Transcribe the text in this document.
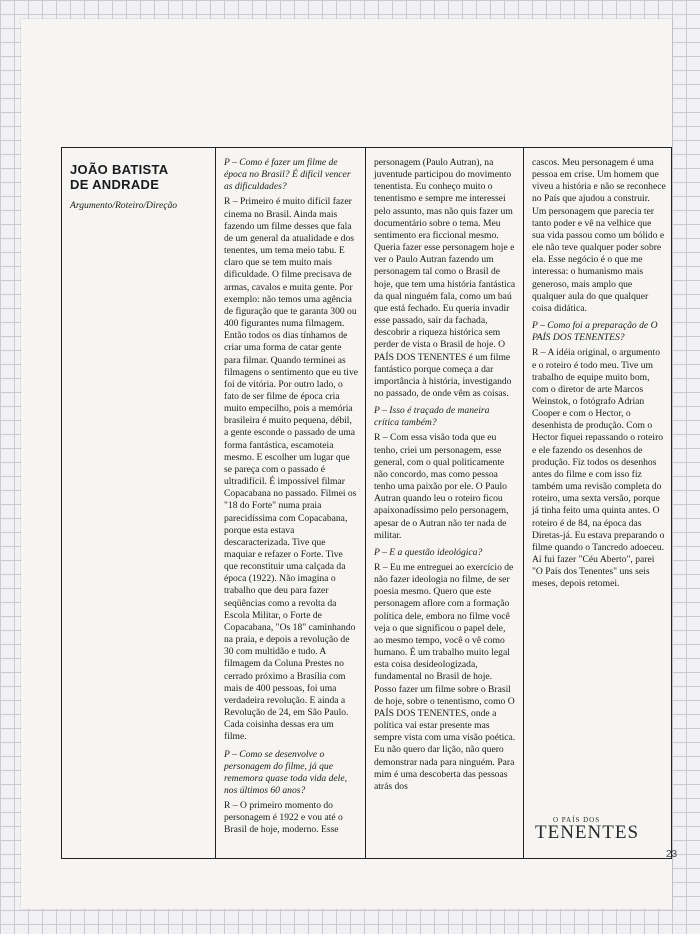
JOÃO BATISTA
DE ANDRADE

Argumento/Roteiro/Direção

P – Como é fazer um filme de época no Brasil? É difícil vencer as dificuldades?

R – Primeiro é muito difícil fazer cinema no Brasil. Ainda mais fazendo um filme desses que fala de um general da atualidade e dos tenentes, um tema meio tabu. E claro que se tem muito mais dificuldade. O filme precisava de armas, cavalos e muita gente. Por exemplo: não temos uma agência de figuração que te garanta 300 ou 400 figurantes numa filmagem. Então todos os dias tínhamos de criar uma forma de catar gente para filmar. Quando terminei as filmagens o sentimento que eu tive foi de vitória. Por outro lado, o fato de ser filme de época cria muito empecilho, pois a memória brasileira é muito pequena, débil, a gente esconde o passado de uma forma fantástica, escamoteia mesmo. E escolher um lugar que se pareça com o passado é ultradifícil. É impossível filmar Copacabana no passado. Filmei os "18 do Forte" numa praia parecidíssima com Copacabana, porque esta estava descaracterizada. Tive que maquiar e refazer o Forte. Tive que reconstituir uma calçada da época (1922). Não imagina o trabalho que deu para fazer seqüências como a revolta da Escola Militar, o Forte de Copacabana, "Os 18" caminhando na praia, e depois a revolução de 30 com multidão e tudo. A filmagem da Coluna Prestes no cerrado próximo a Brasília com mais de 400 pessoas, foi uma verdadeira revolução. E ainda a Revolução de 24, em São Paulo. Cada coisinha dessas era um filme.

P – Como se desenvolve o personagem do filme, já que rememora quase toda vida dele, nos últimos 60 anos?

R – O primeiro momento do personagem é 1922 e vou até o Brasil de hoje, moderno. Esse

personagem (Paulo Autran), na juventude participou do movimento tenentista. Eu conheço muito o tenentismo e sempre me interessei pelo assunto, mas não quis fazer um documentário sobre o tema. Meu sentimento era ficcional mesmo. Queria fazer esse personagem hoje e ver o Paulo Autran fazendo um personagem tal como o Brasil de hoje, que tem uma história fantástica da qual ninguém fala, como um baú que está fechado. Eu queria invadir esse passado, sair da fachada, descobrir a riqueza histórica sem perder de vista o Brasil de hoje. O PAÍS DOS TENENTES é um filme fantástico porque começa a dar importância à história, investigando no passado, de onde vêm as coisas.

P – Isso é traçado de maneira crítica também?

R – Com essa visão toda que eu tenho, criei um personagem, esse general, com o qual politicamente não concordo, mas como pessoa tenho uma paixão por ele. O Paulo Autran quando leu o roteiro ficou apaixonadíssimo pelo personagem, apesar de o Autran não ter nada de militar.

P – E a questão ideológica?

R – Eu me entreguei ao exercício de não fazer ideologia no filme, de ser poesia mesmo. Quero que este personagem aflore com a formação política dele, embora no filme você veja o que significou o papel dele, ao mesmo tempo, você o vê como humano. É um trabalho muito legal esta coisa desideologizada, fundamental no Brasil de hoje. Posso fazer um filme sobre o Brasil de hoje, sobre o tenentismo, como O PAÍS DOS TENENTES, onde a política vai estar presente mas sempre vista com uma visão poética. Eu não quero dar lição, não quero demonstrar nada para ninguém. Para mim é uma descoberta das pessoas atrás dos

cascos. Meu personagem é uma pessoa em crise. Um homem que viveu a história e não se reconhece no País que ajudou a construir. Um personagem que parecia ter tanto poder e vê na velhice que sua vida passou como um bólido e ele não teve qualquer poder sobre ela. Esse negócio é o que me interessa: o humanismo mais generoso, mais amplo que qualquer aula do que qualquer coisa didática.

P – Como foi a preparação de O PAÍS DOS TENENTES?

R – A idéia original, o argumento e o roteiro é todo meu. Tive um trabalho de equipe muito bom, com o diretor de arte Marcos Weinstok, o fotógrafo Adrian Cooper e com o Hector, o desenhista de produção. Com o Hector fiquei repassando o roteiro e ele fazendo os desenhos de produção. Fiz todos os desenhos antes do filme e com isso fiz também uma revisão completa do roteiro, uma sexta versão, porque já tinha feito uma quinta antes. O roteiro é de 84, na época das Diretas-já. Eu estava preparando o filme quando o Tancredo adoeceu. Aí fui fazer "Céu Aberto", parei "O País dos Tenentes" uns seis meses, depois retomei.

O PAÍS DOS
TENENTES
23
